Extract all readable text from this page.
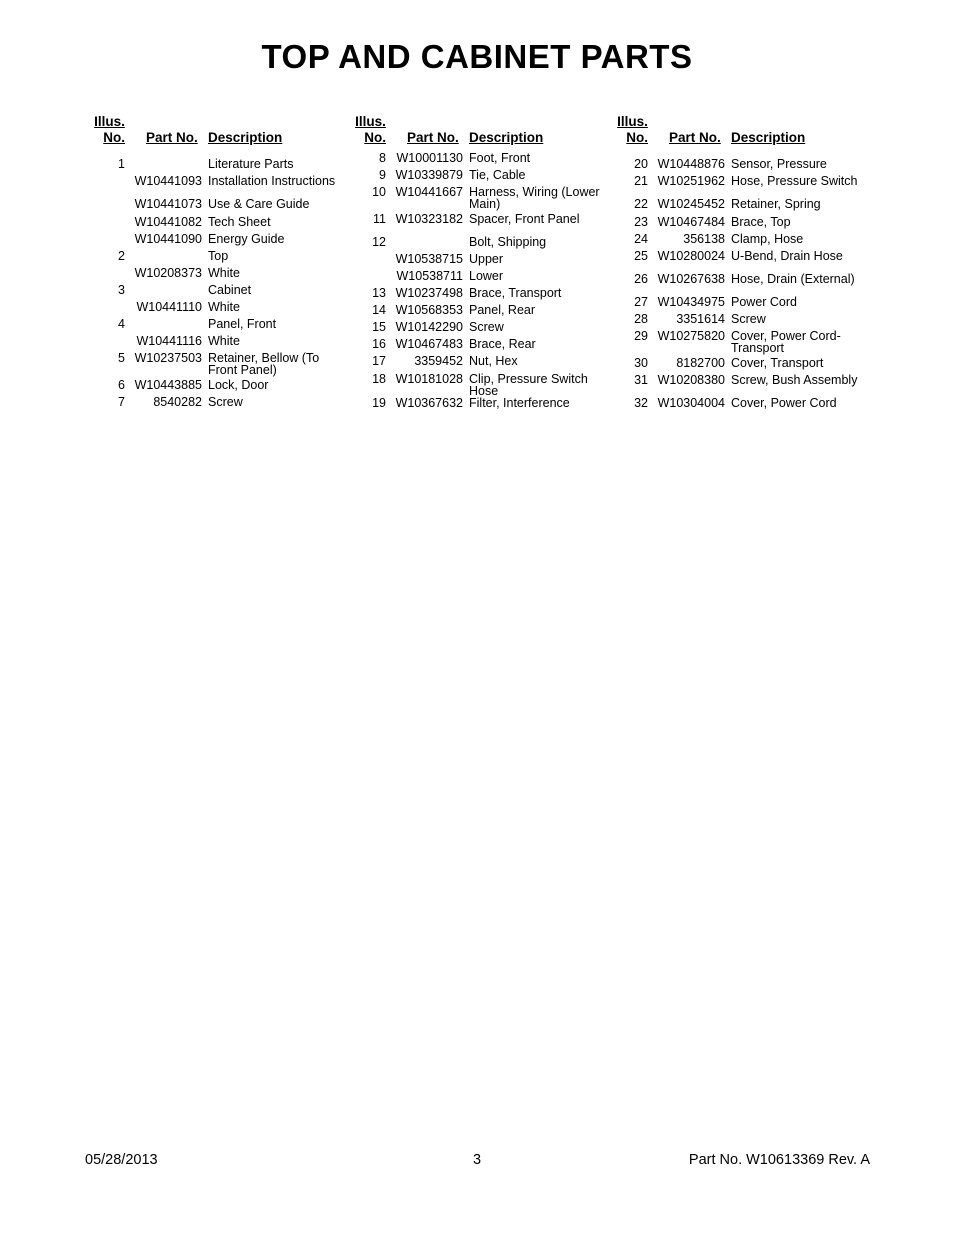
TOP AND CABINET PARTS
Illus.
No. Part No. Description
1	Literature Parts
W10441093 Installation Instructions
W10441073 Use & Care Guide
W10441082 Tech Sheet
W10441090 Energy Guide
2	Top
W10208373 White
3	Cabinet
W10441110 White
4	Panel, Front
W10441116 White
5 W10237503 Retainer, Bellow (To Front Panel)
6 W10443885 Lock, Door
7	8540282 Screw
Illus.
No. Part No. Description
8 W10001130 Foot, Front
9 W10339879 Tie, Cable
10 W10441667 Harness, Wiring (Lower Main)
11 W10323182 Spacer, Front Panel
12	Bolt, Shipping
W10538715 Upper
W10538711 Lower
13 W10237498 Brace, Transport
14 W10568353 Panel, Rear
15 W10142290 Screw
16 W10467483 Brace, Rear
17	3359452 Nut, Hex
18 W10181028 Clip, Pressure Switch Hose
19 W10367632 Filter, Interference
Illus.
No. Part No. Description
20 W10448876 Sensor, Pressure
21 W10251962 Hose, Pressure Switch
22 W10245452 Retainer, Spring
23 W10467484 Brace, Top
24	356138 Clamp, Hose
25 W10280024 U-Bend, Drain Hose
26 W10267638 Hose, Drain (External)
27 W10434975 Power Cord
28	3351614 Screw
29 W10275820 Cover, Power Cord-Transport
30	8182700 Cover, Transport
31 W10208380 Screw, Bush Assembly
32 W10304004 Cover, Power Cord
05/28/2013	3	Part No. W10613369 Rev. A
